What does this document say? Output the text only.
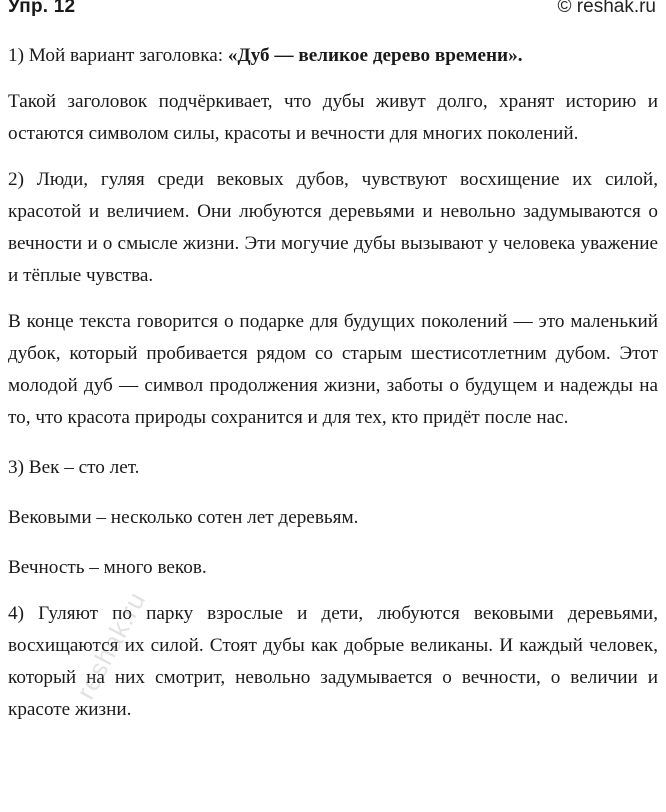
Упр. 12	© reshak.ru
1) Мой вариант заголовка: «Дуб — великое дерево времени».

Такой заголовок подчёркивает, что дубы живут долго, хранят историю и остаются символом силы, красоты и вечности для многих поколений.

2) Люди, гуляя среди вековых дубов, чувствуют восхищение их силой, красотой и величием. Они любуются деревьями и невольно задумываются о вечности и о смысле жизни. Эти могучие дубы вызывают у человека уважение и тёплые чувства.

В конце текста говорится о подарке для будущих поколений — это маленький дубок, который пробивается рядом со старым шестисотлетним дубом. Этот молодой дуб — символ продолжения жизни, заботы о будущем и надежды на то, что красота природы сохранится и для тех, кто придёт после нас.

3) Век – сто лет.

Вековыми – несколько сотен лет деревьям.

Вечность – много веков.

4) Гуляют по парку взрослые и дети, любуются вековыми деревьями, восхищаются их силой. Стоят дубы как добрые великаны. И каждый человек, который на них смотрит, невольно задумывается о вечности, о величии и красоте жизни.

reshak.ru
